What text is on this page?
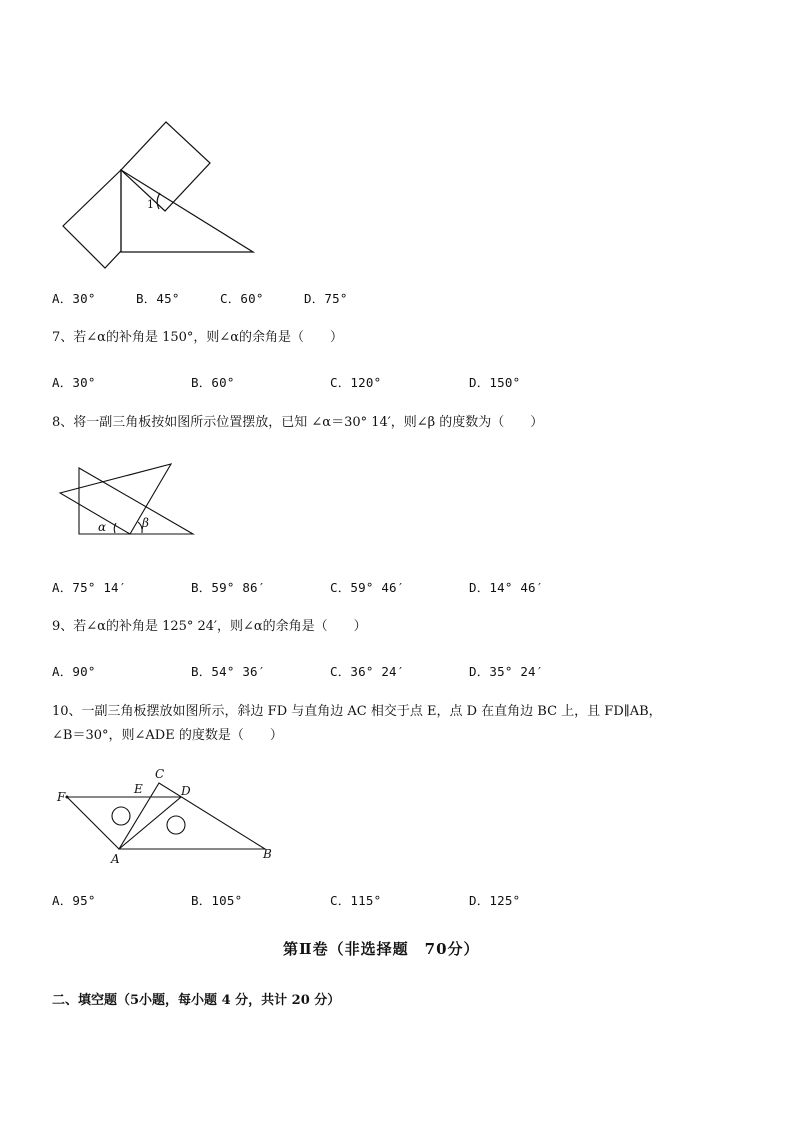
1
A．30°	B．45°	C．60°	D．75°
7、若∠α的补角是 150°，则∠α的余角是（　　）
A．30°	B．60°	C．120°	D．150°
8、将一副三角板按如图所示位置摆放，已知 ∠α＝30° 14′，则∠β 的度数为（　　）
α	β
A．75° 14′	B．59° 86′	C．59° 46′	D．14° 46′
9、若∠α的补角是 125° 24′，则∠α的余角是（　　）
A．90°	B．54° 36′	C．36° 24′	D．35° 24′
10、一副三角板摆放如图所示，斜边 FD 与直角边 AC 相交于点 E，点 D 在直角边 BC 上，且 FD∥AB，
∠B＝30°，则∠ADE 的度数是（　　）
F
E
C
D
A	B
A．95°	B．105°	C．115°	D．125°
第Ⅱ卷（非选择题　70分）
二、填空题（5小题，每小题 4 分，共计 20 分）
